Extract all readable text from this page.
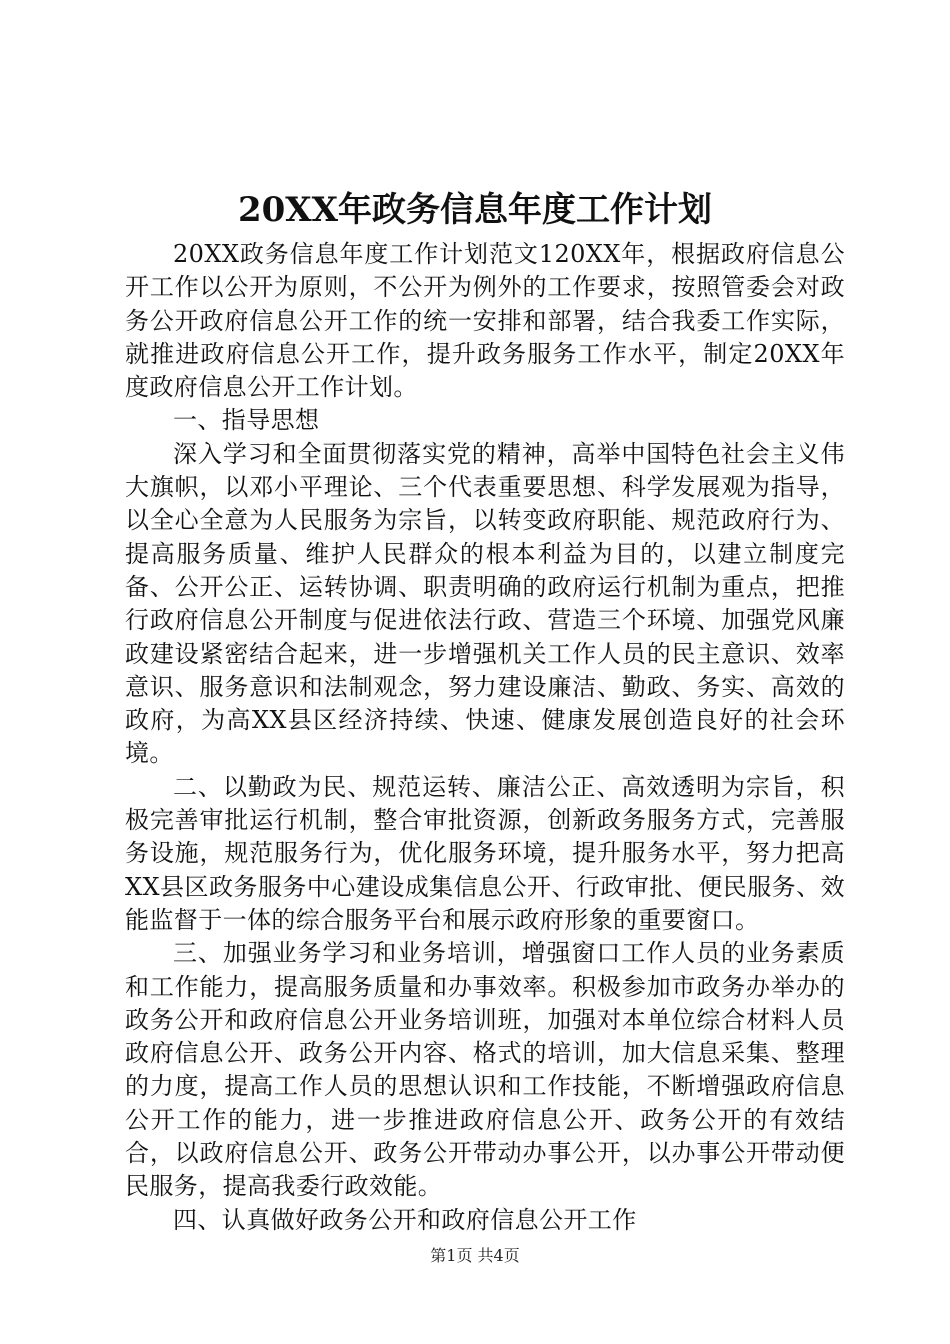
20XX年政务信息年度工作计划

20XX政务信息年度工作计划范文120XX年，根据政府信息公开工作以公开为原则，不公开为例外的工作要求，按照管委会对政务公开政府信息公开工作的统一安排和部署，结合我委工作实际，就推进政府信息公开工作，提升政务服务工作水平，制定20XX年度政府信息公开工作计划。

一、指导思想

深入学习和全面贯彻落实党的精神，高举中国特色社会主义伟大旗帜，以邓小平理论、三个代表重要思想、科学发展观为指导，以全心全意为人民服务为宗旨，以转变政府职能、规范政府行为、提高服务质量、维护人民群众的根本利益为目的，以建立制度完备、公开公正、运转协调、职责明确的政府运行机制为重点，把推行政府信息公开制度与促进依法行政、营造三个环境、加强党风廉政建设紧密结合起来，进一步增强机关工作人员的民主意识、效率意识、服务意识和法制观念，努力建设廉洁、勤政、务实、高效的政府，为高XX县区经济持续、快速、健康发展创造良好的社会环境。

二、以勤政为民、规范运转、廉洁公正、高效透明为宗旨，积极完善审批运行机制，整合审批资源，创新政务服务方式，完善服务设施，规范服务行为，优化服务环境，提升服务水平，努力把高XX县区政务服务中心建设成集信息公开、行政审批、便民服务、效能监督于一体的综合服务平台和展示政府形象的重要窗口。

三、加强业务学习和业务培训，增强窗口工作人员的业务素质和工作能力，提高服务质量和办事效率。积极参加市政务办举办的政务公开和政府信息公开业务培训班，加强对本单位综合材料人员政府信息公开、政务公开内容、格式的培训，加大信息采集、整理的力度，提高工作人员的思想认识和工作技能，不断增强政府信息公开工作的能力，进一步推进政府信息公开、政务公开的有效结合，以政府信息公开、政务公开带动办事公开，以办事公开带动便民服务，提高我委行政效能。

四、认真做好政务公开和政府信息公开工作

第1页 共4页
